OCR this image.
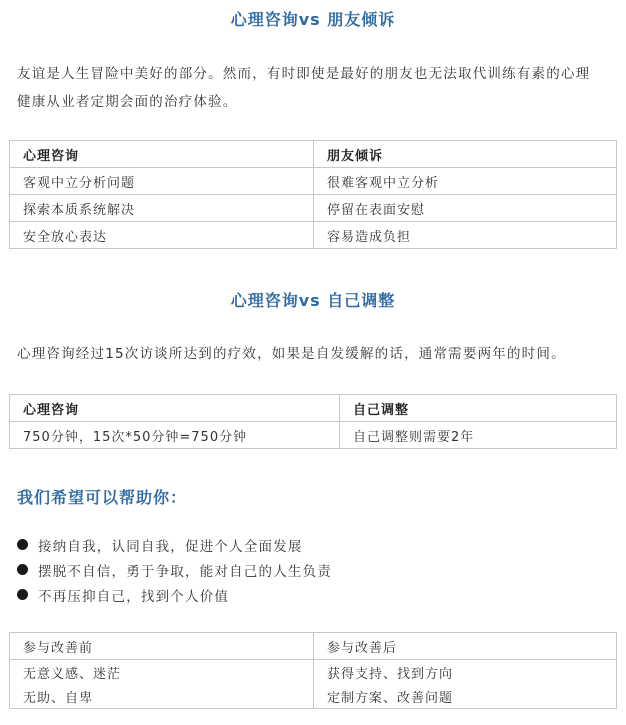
心理咨询vs 朋友倾诉
友谊是人生冒险中美好的部分。然而，有时即使是最好的朋友也无法取代训练有素的心理
健康从业者定期会面的治疗体验。
心理咨询	朋友倾诉
客观中立分析问题	很难客观中立分析
探索本质系统解决	停留在表面安慰
安全放心表达	容易造成负担
心理咨询vs 自己调整
心理咨询经过15次访谈所达到的疗效，如果是自发缓解的话，通常需要两年的时间。
心理咨询	自己调整
750分钟，15次*50分钟=750分钟	自己调整则需要2年
我们希望可以帮助你：
接纳自我，认同自我，促进个人全面发展
摆脱不自信，勇于争取，能对自己的人生负责
不再压抑自己，找到个人价值
参与改善前	参与改善后
无意义感、迷茫	获得支持、找到方向
无助、自卑	定制方案、改善问题
